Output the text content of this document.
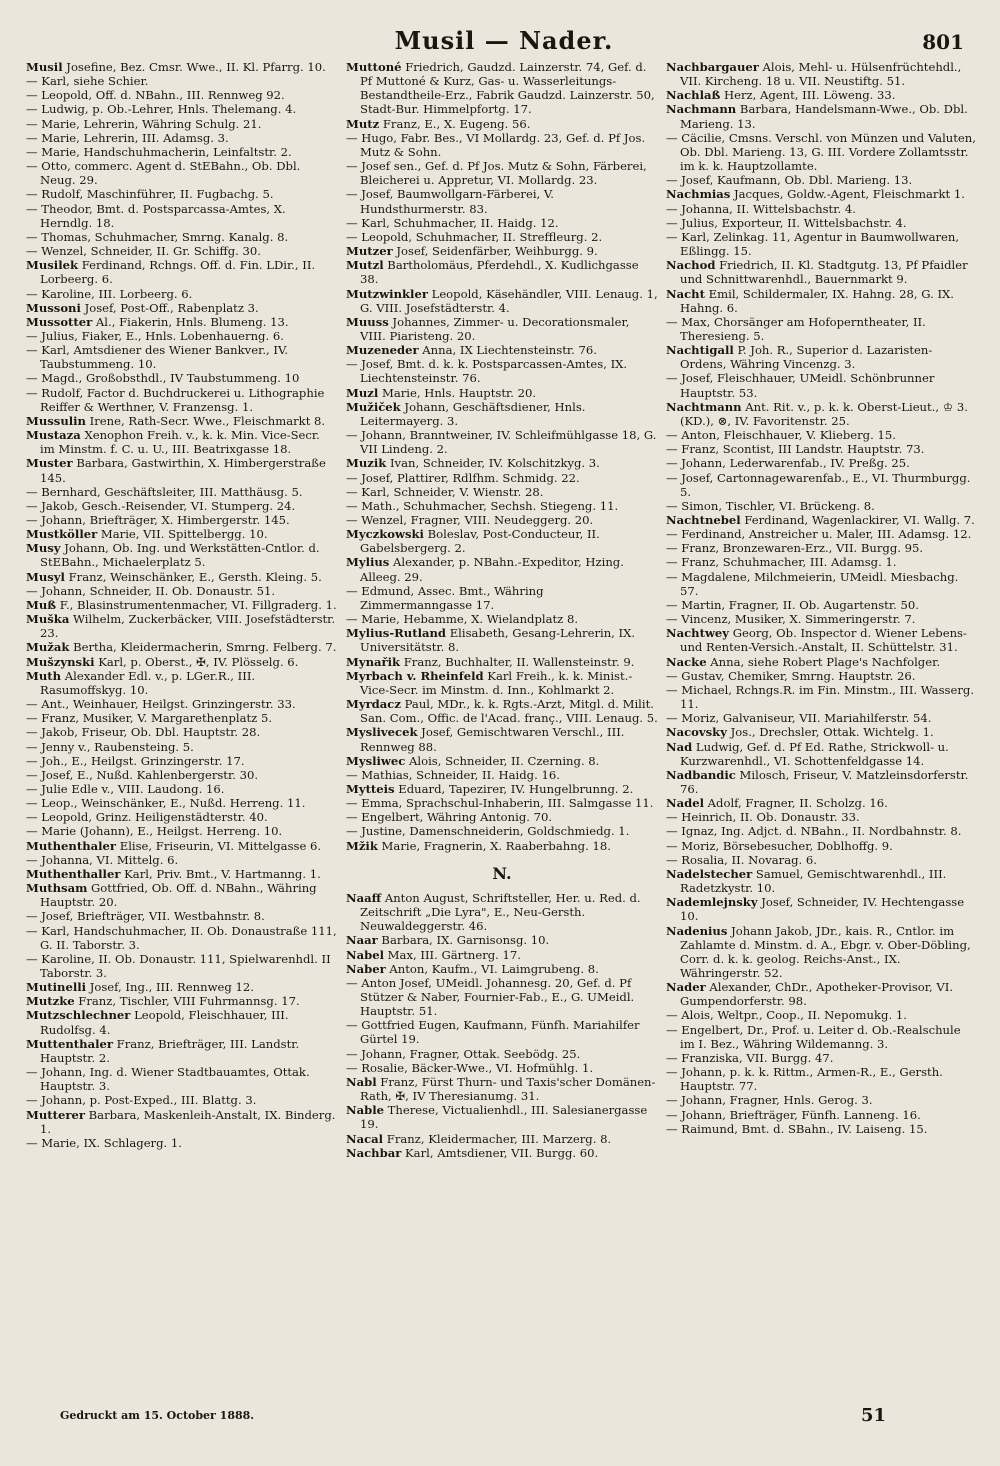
Musil — Nader.	801

Musil Josefine, Bez. Cmsr. Wwe., II. Kl. Pfarrg. 10.

— Karl, siehe Schier.

— Leopold, Off. d. NBahn., III. Rennweg 92.

— Ludwig, p. Ob.-Lehrer, Hnls. Thelemang. 4.

— Marie, Lehrerin, Währing Schulg. 21.

— Marie, Lehrerin, III. Adamsg. 3.

— Marie, Handschuhmacherin, Leinfaltstr. 2.

— Otto, commerc. Agent d. StEBahn., Ob. Dbl. Neug. 29.

— Rudolf, Maschinführer, II. Fugbachg. 5.

— Theodor, Bmt. d. Postsparcassa-Amtes, X. Herndlg. 18.

— Thomas, Schuhmacher, Smrng. Kanalg. 8.

— Wenzel, Schneider, II. Gr. Schiffg. 30.

Musilek Ferdinand, Rchngs. Off. d. Fin. LDir., II. Lorbeerg. 6.

— Karoline, III. Lorbeerg. 6.

Mussoni Josef, Post-Off., Rabenplatz 3.

Mussotter Al., Fiakerin, Hnls. Blumeng. 13.

— Julius, Fiaker, E., Hnls. Lobenhauerng. 6.

— Karl, Amtsdiener des Wiener Bankver., IV. Taubstummeng. 10.

— Magd., Großobsthdl., IV Taubstummeng. 10

— Rudolf, Factor d. Buchdruckerei u. Lithographie Reiffer & Werthner, V. Franzensg. 1.

Mussulin Irene, Rath-Secr. Wwe., Fleischmarkt 8.

Mustaza Xenophon Freih. v., k. k. Min. Vice-Secr. im Minstm. f. C. u. U., III. Beatrixgasse 18.

Muster Barbara, Gastwirthin, X. Himbergerstraße 145.

— Bernhard, Geschäftsleiter, III. Matthäusg. 5.

— Jakob, Gesch.-Reisender, VI. Stumperg. 24.

— Johann, Briefträger, X. Himbergerstr. 145.

Mustköller Marie, VII. Spittelbergg. 10.

Musy Johann, Ob. Ing. und Werkstätten-Cntlor. d. StEBahn., Michaelerplatz 5.

Musyl Franz, Weinschänker, E., Gersth. Kleing. 5.

— Johann, Schneider, II. Ob. Donaustr. 51.

Muß F., Blasinstrumentenmacher, VI. Fillgraderg. 1.

Muška Wilhelm, Zuckerbäcker, VIII. Josefstädterstr. 23.

Mužak Bertha, Kleidermacherin, Smrng. Felberg. 7.

Mušzynski Karl, p. Oberst., ✠, IV. Plösselg. 6.

Muth Alexander Edl. v., p. LGer.R., III. Rasumoffskyg. 10.

— Ant., Weinhauer, Heilgst. Grinzingerstr. 33.

— Franz, Musiker, V. Margarethenplatz 5.

— Jakob, Friseur, Ob. Dbl. Hauptstr. 28.

— Jenny v., Raubensteing. 5.

— Joh., E., Heilgst. Grinzingerstr. 17.

— Josef, E., Nußd. Kahlenbergerstr. 30.

— Julie Edle v., VIII. Laudong. 16.

— Leop., Weinschänker, E., Nußd. Herreng. 11.

— Leopold, Grinz. Heiligenstädterstr. 40.

— Marie (Johann), E., Heilgst. Herreng. 10.

Muthenthaler Elise, Friseurin, VI. Mittelgasse 6.

— Johanna, VI. Mittelg. 6.

Muthenthaller Karl, Priv. Bmt., V. Hartmanng. 1.

Muthsam Gottfried, Ob. Off. d. NBahn., Währing Hauptstr. 20.

— Josef, Briefträger, VII. Westbahnstr. 8.

— Karl, Handschuhmacher, II. Ob. Donaustraße 111, G. II. Taborstr. 3.

— Karoline, II. Ob. Donaustr. 111, Spielwarenhdl. II Taborstr. 3.

Mutinelli Josef, Ing., III. Rennweg 12.

Mutzke Franz, Tischler, VIII Fuhrmannsg. 17.

Mutzschlechner Leopold, Fleischhauer, III. Rudolfsg. 4.

Muttenthaler Franz, Briefträger, III. Landstr. Hauptstr. 2.

— Johann, Ing. d. Wiener Stadtbauamtes, Ottak. Hauptstr. 3.

— Johann, p. Post-Exped., III. Blattg. 3.

Mutterer Barbara, Maskenleih-Anstalt, IX. Binderg. 1.

— Marie, IX. Schlagerg. 1.

Muttoné Friedrich, Gaudzd. Lainzerstr. 74, Gef. d. Pf Muttoné & Kurz, Gas- u. Wasserleitungs-Bestandtheile-Erz., Fabrik Gaudzd. Lainzerstr. 50, Stadt-Bur. Himmelpfortg. 17.

Mutz Franz, E., X. Eugeng. 56.

— Hugo, Fabr. Bes., VI Mollardg. 23, Gef. d. Pf Jos. Mutz & Sohn.

— Josef sen., Gef. d. Pf Jos. Mutz & Sohn, Färberei, Bleicherei u. Appretur, VI. Mollardg. 23.

— Josef, Baumwollgarn-Färberei, V. Hundsthurmerstr. 83.

— Karl, Schuhmacher, II. Haidg. 12.

— Leopold, Schuhmacher, II. Streffleurg. 2.

Mutzer Josef, Seidenfärber, Weihburgg. 9.

Mutzl Bartholomäus, Pferdehdl., X. Kudlichgasse 38.

Mutzwinkler Leopold, Käsehändler, VIII. Lenaug. 1, G. VIII. Josefstädterstr. 4.

Muuss Johannes, Zimmer- u. Decorationsmaler, VIII. Piaristeng. 20.

Muzeneder Anna, IX Liechtensteinstr. 76.

— Josef, Bmt. d. k. k. Postsparcassen-Amtes, IX. Liechtensteinstr. 76.

Muzl Marie, Hnls. Hauptstr. 20.

Mužiček Johann, Geschäftsdiener, Hnls. Leitermayerg. 3.

— Johann, Branntweiner, IV. Schleifmühlgasse 18, G. VII Lindeng. 2.

Muzik Ivan, Schneider, IV. Kolschitzkyg. 3.

— Josef, Plattirer, Rdlfhm. Schmidg. 22.

— Karl, Schneider, V. Wienstr. 28.

— Math., Schuhmacher, Sechsh. Stiegeng. 11.

— Wenzel, Fragner, VIII. Neudeggerg. 20.

Myczkowski Boleslav, Post-Conducteur, II. Gabelsbergerg. 2.

Mylius Alexander, p. NBahn.-Expeditor, Hzing. Alleeg. 29.

— Edmund, Assec. Bmt., Währing Zimmermanngasse 17.

— Marie, Hebamme, X. Wielandplatz 8.

Mylius-Rutland Elisabeth, Gesang-Lehrerin, IX. Universitätstr. 8.

Mynařik Franz, Buchhalter, II. Wallensteinstr. 9.

Myrbach v. Rheinfeld Karl Freih., k. k. Minist.-Vice-Secr. im Minstm. d. Inn., Kohlmarkt 2.

Myrdacz Paul, MDr., k. k. Rgts.-Arzt, Mitgl. d. Milit. San. Com., Offic. de l'Acad. franç., VIII. Lenaug. 5.

Myslivecek Josef, Gemischtwaren Verschl., III. Rennweg 88.

Mysliwec Alois, Schneider, II. Czerning. 8.

— Mathias, Schneider, II. Haidg. 16.

Mytteis Eduard, Tapezirer, IV. Hungelbrunng. 2.

— Emma, Sprachschul-Inhaberin, III. Salmgasse 11.

— Engelbert, Währing Antonig. 70.

— Justine, Damenschneiderin, Goldschmiedg. 1.

Mžik Marie, Fragnerin, X. Raaberbahng. 18.

N.

Naaff Anton August, Schriftsteller, Her. u. Red. d. Zeitschrift „Die Lyra", E., Neu-Gersth. Neuwaldeggerstr. 46.

Naar Barbara, IX. Garnisonsg. 10.

Nabel Max, III. Gärtnerg. 17.

Naber Anton, Kaufm., VI. Laimgrubeng. 8.

— Anton Josef, UMeidl. Johannesg. 20, Gef. d. Pf Stützer & Naber, Fournier-Fab., E., G. UMeidl. Hauptstr. 51.

— Gottfried Eugen, Kaufmann, Fünfh. Mariahilfer Gürtel 19.

— Johann, Fragner, Ottak. Seebödg. 25.

— Rosalie, Bäcker-Wwe., VI. Hofmühlg. 1.

Nabl Franz, Fürst Thurn- und Taxis'scher Domänen-Rath, ✠, IV Theresianumg. 31.

Nable Therese, Victualienhdl., III. Salesianergasse 19.

Nacal Franz, Kleidermacher, III. Marzerg. 8.

Nachbar Karl, Amtsdiener, VII. Burgg. 60.

Nachbargauer Alois, Mehl- u. Hülsenfrüchtehdl., VII. Kircheng. 18 u. VII. Neustiftg. 51.

Nachlaß Herz, Agent, III. Löweng. 33.

Nachmann Barbara, Handelsmann-Wwe., Ob. Dbl. Marieng. 13.

— Cäcilie, Cmsns. Verschl. von Münzen und Valuten, Ob. Dbl. Marieng. 13, G. III. Vordere Zollamtsstr. im k. k. Hauptzollamte.

— Josef, Kaufmann, Ob. Dbl. Marieng. 13.

Nachmias Jacques, Goldw.-Agent, Fleischmarkt 1.

— Johanna, II. Wittelsbachstr. 4.

— Julius, Exporteur, II. Wittelsbachstr. 4.

— Karl, Zelinkag. 11, Agentur in Baumwollwaren, Eßlingg. 15.

Nachod Friedrich, II. Kl. Stadtgutg. 13, Pf Pfaidler und Schnittwarenhdl., Bauernmarkt 9.

Nacht Emil, Schildermaler, IX. Hahng. 28, G. IX. Hahng. 6.

— Max, Chorsänger am Hofoperntheater, II. Theresieng. 5.

Nachtigall P. Joh. R., Superior d. Lazaristen-Ordens, Währing Vincenzg. 3.

— Josef, Fleischhauer, UMeidl. Schönbrunner Hauptstr. 53.

Nachtmann Ant. Rit. v., p. k. k. Oberst-Lieut., ♔ 3. (KD.), ⊗, IV. Favoritenstr. 25.

— Anton, Fleischhauer, V. Klieberg. 15.

— Franz, Scontist, III Landstr. Hauptstr. 73.

— Johann, Lederwarenfab., IV. Preßg. 25.

— Josef, Cartonnagewarenfab., E., VI. Thurmburgg. 5.

— Simon, Tischler, VI. Brückeng. 8.

Nachtnebel Ferdinand, Wagenlackirer, VI. Wallg. 7.

— Ferdinand, Anstreicher u. Maler, III. Adamsg. 12.

— Franz, Bronzewaren-Erz., VII. Burgg. 95.

— Franz, Schuhmacher, III. Adamsg. 1.

— Magdalene, Milchmeierin, UMeidl. Miesbachg. 57.

— Martin, Fragner, II. Ob. Augartenstr. 50.

— Vincenz, Musiker, X. Simmeringerstr. 7.

Nachtwey Georg, Ob. Inspector d. Wiener Lebens- und Renten-Versich.-Anstalt, II. Schüttelstr. 31.

Nacke Anna, siehe Robert Plage's Nachfolger.

— Gustav, Chemiker, Smrng. Hauptstr. 26.

— Michael, Rchngs.R. im Fin. Minstm., III. Wasserg. 11.

— Moriz, Galvaniseur, VII. Mariahilferstr. 54.

Nacovsky Jos., Drechsler, Ottak. Wichtelg. 1.

Nad Ludwig, Gef. d. Pf Ed. Rathe, Strickwoll- u. Kurzwarenhdl., VI. Schottenfeldgasse 14.

Nadbandic Milosch, Friseur, V. Matzleinsdorferstr. 76.

Nadel Adolf, Fragner, II. Scholzg. 16.

— Heinrich, II. Ob. Donaustr. 33.

— Ignaz, Ing. Adjct. d. NBahn., II. Nordbahnstr. 8.

— Moriz, Börsebesucher, Doblhoffg. 9.

— Rosalia, II. Novarag. 6.

Nadelstecher Samuel, Gemischtwarenhdl., III. Radetzkystr. 10.

Nademlejnsky Josef, Schneider, IV. Hechtengasse 10.

Nadenius Johann Jakob, JDr., kais. R., Cntlor. im Zahlamte d. Minstm. d. A., Ebgr. v. Ober-Döbling, Corr. d. k. k. geolog. Reichs-Anst., IX. Währingerstr. 52.

Nader Alexander, ChDr., Apotheker-Provisor, VI. Gumpendorferstr. 98.

— Alois, Weltpr., Coop., II. Nepomukg. 1.

— Engelbert, Dr., Prof. u. Leiter d. Ob.-Realschule im I. Bez., Währing Wildemanng. 3.

— Franziska, VII. Burgg. 47.

— Johann, p. k. k. Rittm., Armen-R., E., Gersth. Hauptstr. 77.

— Johann, Fragner, Hnls. Gerog. 3.

— Johann, Briefträger, Fünfh. Lanneng. 16.

— Raimund, Bmt. d. SBahn., IV. Laiseng. 15.

Gedruckt am 15. October 1888.	51
